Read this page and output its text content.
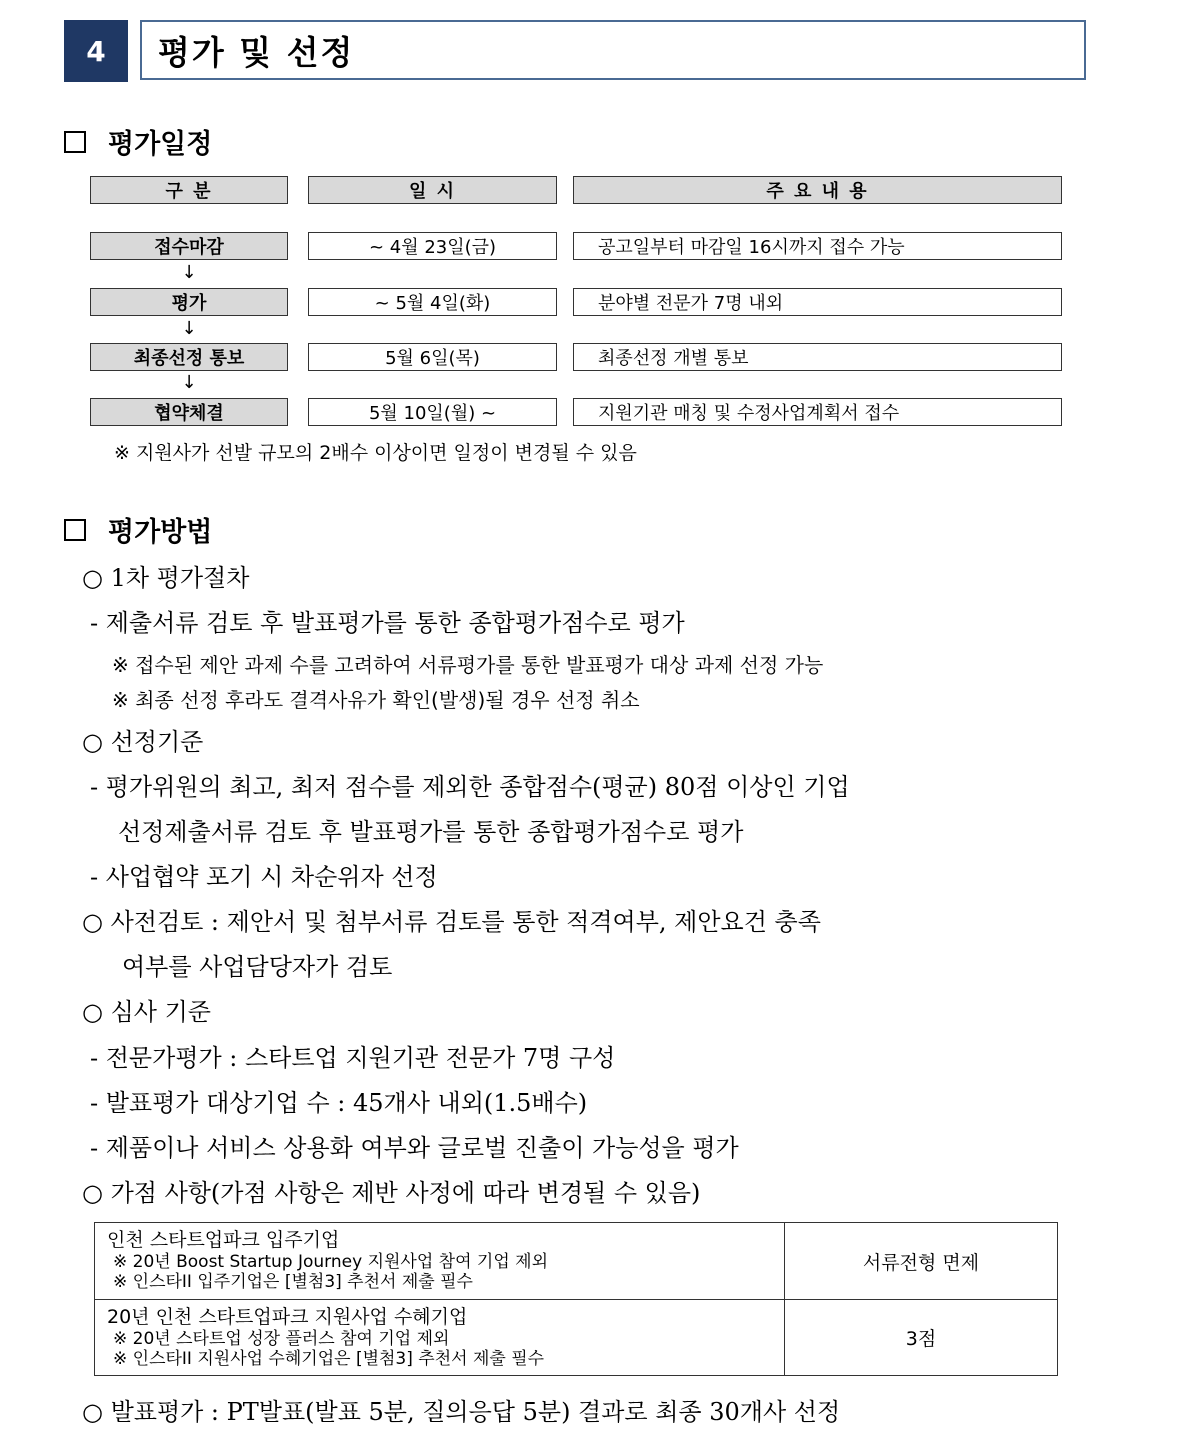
4	평가 및 선정
평가일정
구 분	일 시	주 요 내 용
접수마감	~ 4월 23일(금)	공고일부터 마감일 16시까지 접수 가능
↓
평가	~ 5월 4일(화)	분야별 전문가 7명 내외
↓
최종선정 통보	5월 6일(목)	최종선정 개별 통보
↓
협약체결	5월 10일(월) ~	지원기관 매칭 및 수정사업계획서 접수
※ 지원사가 선발 규모의 2배수 이상이면 일정이 변경될 수 있음
평가방법
○ 1차 평가절차
- 제출서류 검토 후 발표평가를 통한 종합평가점수로 평가
※ 접수된 제안 과제 수를 고려하여 서류평가를 통한 발표평가 대상 과제 선정 가능
※ 최종 선정 후라도 결격사유가 확인(발생)될 경우 선정 취소
○ 선정기준
- 평가위원의 최고, 최저 점수를 제외한 종합점수(평균) 80점 이상인 기업
선정제출서류 검토 후 발표평가를 통한 종합평가점수로 평가
- 사업협약 포기 시 차순위자 선정
○ 사전검토 : 제안서 및 첨부서류 검토를 통한 적격여부, 제안요건 충족
여부를 사업담당자가 검토
○ 심사 기준
- 전문가평가 : 스타트업 지원기관 전문가 7명 구성
- 발표평가 대상기업 수 : 45개사 내외(1.5배수)
- 제품이나 서비스 상용화 여부와 글로벌 진출이 가능성을 평가
○ 가점 사항(가점 사항은 제반 사정에 따라 변경될 수 있음)
인천 스타트업파크 입주기업
※ 20년 Boost Startup Journey 지원사업 참여 기업 제외
※ 인스타II 입주기업은 [별첨3] 추천서 제출 필수	서류전형 면제

20년 인천 스타트업파크 지원사업 수혜기업
※ 20년 스타트업 성장 플러스 참여 기업 제외
※ 인스타II 지원사업 수혜기업은 [별첨3] 추천서 제출 필수	3점
○ 발표평가 : PT발표(발표 5분, 질의응답 5분) 결과로 최종 30개사 선정
